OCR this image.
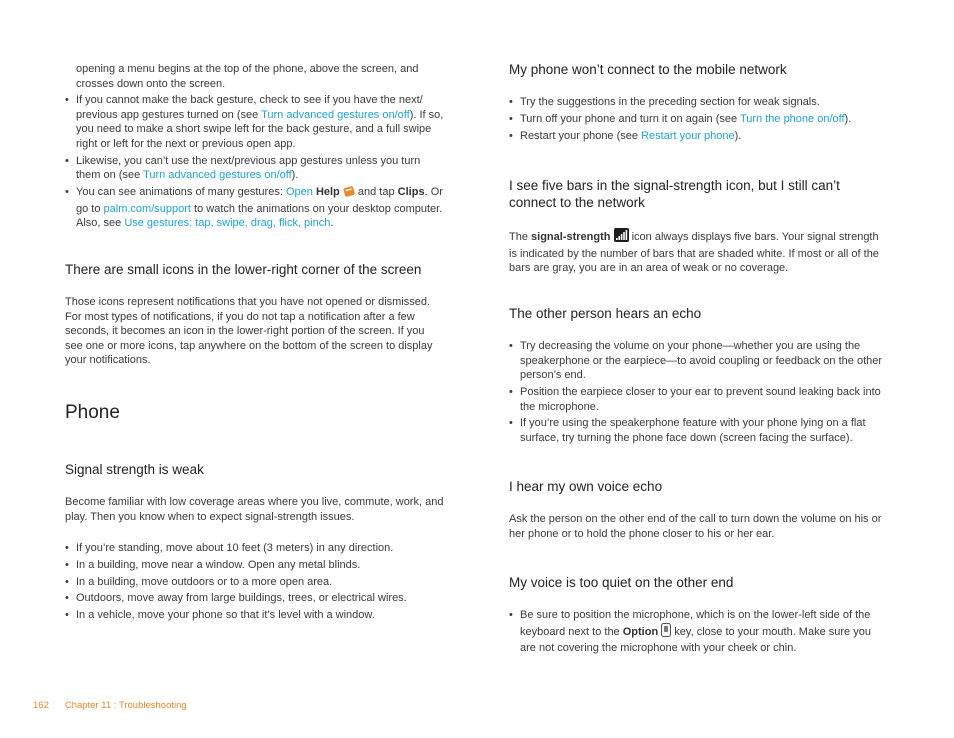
opening a menu begins at the top of the phone, above the screen, and crosses down onto the screen.

• If you cannot make the back gesture, check to see if you have the next/ previous app gestures turned on (see Turn advanced gestures on/off). If so, you need to make a short swipe left for the back gesture, and a full swipe right or left for the next or previous open app.
• Likewise, you can’t use the next/previous app gestures unless you turn them on (see Turn advanced gestures on/off).
• You can see animations of many gestures: Open Help  and tap Clips. Or go to palm.com/support to watch the animations on your desktop computer. Also, see Use gestures: tap, swipe, drag, flick, pinch.
There are small icons in the lower-right corner of the screen

Those icons represent notifications that you have not opened or dismissed. For most types of notifications, if you do not tap a notification after a few seconds, it becomes an icon in the lower-right portion of the screen. If you see one or more icons, tap anywhere on the bottom of the screen to display your notifications.

Phone
Signal strength is weak

Become familiar with low coverage areas where you live, commute, work, and play. Then you know when to expect signal-strength issues.

• If you’re standing, move about 10 feet (3 meters) in any direction.
• In a building, move near a window. Open any metal blinds.
• In a building, move outdoors or to a more open area.
• Outdoors, move away from large buildings, trees, or electrical wires.
• In a vehicle, move your phone so that it’s level with a window.
My phone won’t connect to the mobile network
• Try the suggestions in the preceding section for weak signals.
• Turn off your phone and turn it on again (see Turn the phone on/off).
• Restart your phone (see Restart your phone).
I see five bars in the signal-strength icon, but I still can’t connect to the network

The signal-strength  icon always displays five bars. Your signal strength is indicated by the number of bars that are shaded white. If most or all of the bars are gray, you are in an area of weak or no coverage.

The other person hears an echo
• Try decreasing the volume on your phone—whether you are using the speakerphone or the earpiece—to avoid coupling or feedback on the other person’s end.
• Position the earpiece closer to your ear to prevent sound leaking back into the microphone.
• If you’re using the speakerphone feature with your phone lying on a flat surface, try turning the phone face down (screen facing the surface).
I hear my own voice echo

Ask the person on the other end of the call to turn down the volume on his or her phone or to hold the phone closer to his or her ear.

My voice is too quiet on the other end
• Be sure to position the microphone, which is on the lower-left side of the keyboard next to the Option  key, close to your mouth. Make sure you are not covering the microphone with your cheek or chin.
162 Chapter 11 : Troubleshooting
